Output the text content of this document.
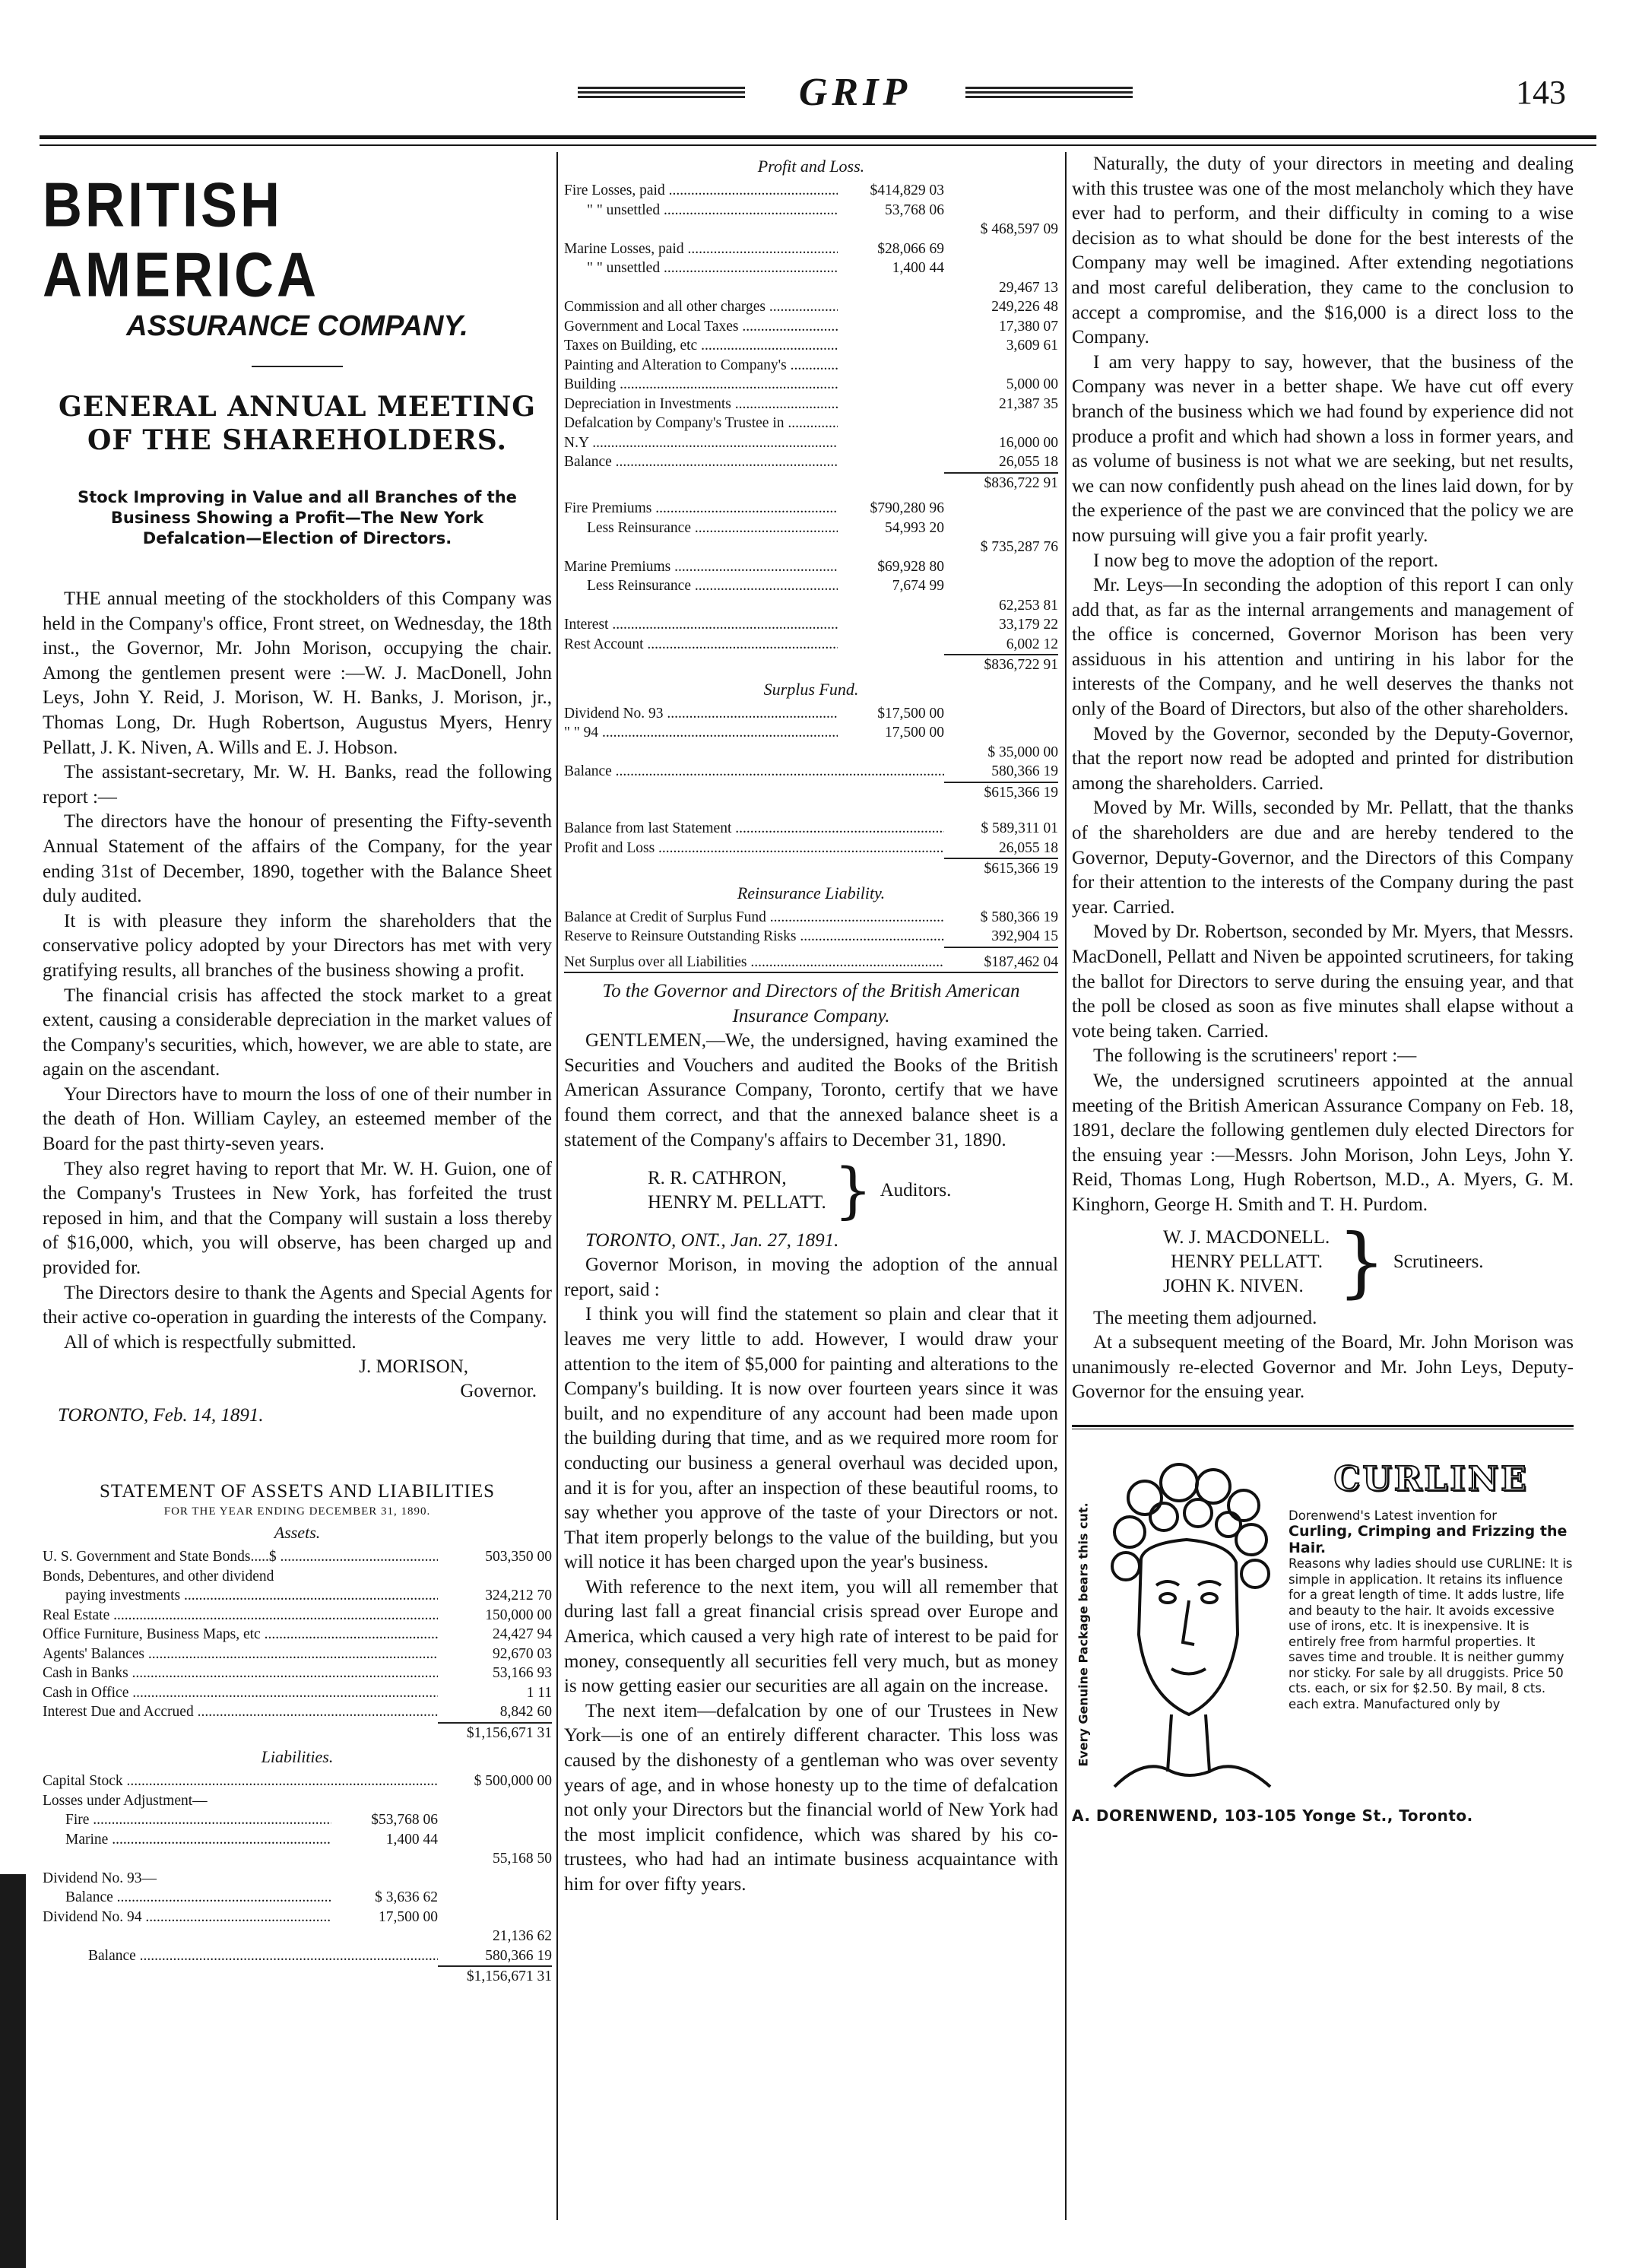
GRIP	143
BRITISH AMERICA
ASSURANCE COMPANY.

GENERAL ANNUAL MEETING

OF THE SHAREHOLDERS.

Stock Improving in Value and all Branches of the Business Showing a Profit—The New York Defalcation—Election of Directors.

THE annual meeting of the stockholders of this Company was held in the Company's office, Front street, on Wednesday, the 18th inst., the Governor, Mr. John Morison, occupying the chair. Among the gentlemen present were :—W. J. MacDonell, John Leys, John Y. Reid, J. Morison, W. H. Banks, J. Morison, jr., Thomas Long, Dr. Hugh Robertson, Augustus Myers, Henry Pellatt, J. K. Niven, A. Wills and E. J. Hobson.

The assistant-secretary, Mr. W. H. Banks, read the following report :—

The directors have the honour of presenting the Fifty-seventh Annual Statement of the affairs of the Company, for the year ending 31st of December, 1890, together with the Balance Sheet duly audited.

It is with pleasure they inform the shareholders that the conservative policy adopted by your Directors has met with very gratifying results, all branches of the business showing a profit.

The financial crisis has affected the stock market to a great extent, causing a considerable depreciation in the market values of the Company's securities, which, however, we are able to state, are again on the ascendant.

Your Directors have to mourn the loss of one of their number in the death of Hon. William Cayley, an esteemed member of the Board for the past thirty-seven years.

They also regret having to report that Mr. W. H. Guion, one of the Company's Trustees in New York, has forfeited the trust reposed in him, and that the Company will sustain a loss thereby of $16,000, which, you will observe, has been charged up and provided for.

The Directors desire to thank the Agents and Special Agents for their active co-operation in guarding the interests of the Company.

All of which is respectfully submitted.

J. MORISON,
Governor.
TORONTO, Feb. 14, 1891.

STATEMENT OF ASSETS AND LIABILITIES

FOR THE YEAR ENDING DECEMBER 31, 1890.

Assets.

U. S. Government and State Bonds.....$ .....	503,350 00
Bonds, Debentures, and other dividend
paying investments .....	324,212 70
Real Estate .....	150,000 00
Office Furniture, Business Maps, etc .....	24,427 94
Agents' Balances .....	92,670 03
Cash in Banks .....	53,166 93
Cash in Office .....	1 11
Interest Due and Accrued .....	8,842 60
$1,156,671 31

Liabilities.

Capital Stock .....	$ 500,000 00
Losses under Adjustment—
Fire .....	$53,768 06
Marine .....	1,400 44
55,168 50
Dividend No. 93—
Balance .....	$ 3,636 62
Dividend No. 94 .....	17,500 00
21,136 62
Balance .....	580,366 19
$1,156,671 31

Profit and Loss.

Fire Losses, paid .....	$414,829 03
" " unsettled .....	53,768 06
$ 468,597 09
Marine Losses, paid .....	$28,066 69
" " unsettled .....	1,400 44
29,467 13
Commission and all other charges .....	249,226 48
Government and Local Taxes .....	17,380 07
Taxes on Building, etc .....	3,609 61
Painting and Alteration to Company's .....
Building .....	5,000 00
Depreciation in Investments .....	21,387 35
Defalcation by Company's Trustee in .....
N.Y .....	16,000 00
Balance .....	26,055 18
$836,722 91
Fire Premiums .....	$790,280 96
Less Reinsurance .....	54,993 20
$ 735,287 76
Marine Premiums .....	$69,928 80
Less Reinsurance .....	7,674 99
62,253 81
Interest .....	33,179 22
Rest Account .....	6,002 12
$836,722 91

Surplus Fund.

Dividend No. 93 .....	$17,500 00
" " 94 .....	17,500 00
$ 35,000 00
Balance .....	580,366 19
$615,366 19
Balance from last Statement .....	$ 589,311 01
Profit and Loss .....	26,055 18
$615,366 19

Reinsurance Liability.

Balance at Credit of Surplus Fund .....	$ 580,366 19
Reserve to Reinsure Outstanding Risks .....	392,904 15
Net Surplus over all Liabilities .....	$187,462 04

To the Governor and Directors of the British American Insurance Company.

GENTLEMEN,—We, the undersigned, having examined the Securities and Vouchers and audited the Books of the British American Assurance Company, Toronto, certify that we have found them correct, and that the annexed balance sheet is a statement of the Company's affairs to December 31, 1890.

R. R. CATHRON,
HENRY M. PELLATT. } Auditors.
TORONTO, ONT., Jan. 27, 1891.

Governor Morison, in moving the adoption of the annual report, said :

I think you will find the statement so plain and clear that it leaves me very little to add. However, I would draw your attention to the item of $5,000 for painting and alterations to the Company's building. It is now over fourteen years since it was built, and no expenditure of any account had been made upon the building during that time, and as we required more room for conducting our business a general overhaul was decided upon, and it is for you, after an inspection of these beautiful rooms, to say whether you approve of the taste of your Directors or not. That item properly belongs to the value of the building, but you will notice it has been charged upon the year's business.

With reference to the next item, you will all remember that during last fall a great financial crisis spread over Europe and America, which caused a very high rate of interest to be paid for money, consequently all securities fell very much, but as money is now getting easier our securities are all again on the increase.

The next item—defalcation by one of our Trustees in New York—is one of an entirely different character. This loss was caused by the dishonesty of a gentleman who was over seventy years of age, and in whose honesty up to the time of defalcation not only your Directors but the financial world of New York had the most implicit confidence, which was shared by his co-trustees, who had had an intimate business acquaintance with him for over fifty years.

Naturally, the duty of your directors in meeting and dealing with this trustee was one of the most melancholy which they have ever had to perform, and their difficulty in coming to a wise decision as to what should be done for the best interests of the Company may well be imagined. After extending negotiations and most careful deliberation, they came to the conclusion to accept a compromise, and the $16,000 is a direct loss to the Company.

I am very happy to say, however, that the business of the Company was never in a better shape. We have cut off every branch of the business which we had found by experience did not produce a profit and which had shown a loss in former years, and as volume of business is not what we are seeking, but net results, we can now confidently push ahead on the lines laid down, for by the experience of the past we are convinced that the policy we are now pursuing will give you a fair profit yearly.

I now beg to move the adoption of the report.

Mr. Leys—In seconding the adoption of this report I can only add that, as far as the internal arrangements and management of the office is concerned, Governor Morison has been very assiduous in his attention and untiring in his labor for the interests of the Company, and he well deserves the thanks not only of the Board of Directors, but also of the other shareholders.

Moved by the Governor, seconded by the Deputy-Governor, that the report now read be adopted and printed for distribution among the shareholders. Carried.

Moved by Mr. Wills, seconded by Mr. Pellatt, that the thanks of the shareholders are due and are hereby tendered to the Governor, Deputy-Governor, and the Directors of this Company for their attention to the interests of the Company during the past year. Carried.

Moved by Dr. Robertson, seconded by Mr. Myers, that Messrs. MacDonell, Pellatt and Niven be appointed scrutineers, for taking the ballot for Directors to serve during the ensuing year, and that the poll be closed as soon as five minutes shall elapse without a vote being taken. Carried.

The following is the scrutineers' report :—

We, the undersigned scrutineers appointed at the annual meeting of the British American Assurance Company on Feb. 18, 1891, declare the following gentlemen duly elected Directors for the ensuing year :—Messrs. John Morison, John Leys, John Y. Reid, Thomas Long, Hugh Robertson, M.D., A. Myers, G. M. Kinghorn, George H. Smith and T. H. Purdom.

W. J. MACDONELL.
HENRY PELLATT.
JOHN K. NIVEN. } Scrutineers.

The meeting them adjourned.

At a subsequent meeting of the Board, Mr. John Morison was unanimously re-elected Governor and Mr. John Leys, Deputy-Governor for the ensuing year.

Every Genuine Package bears this cut.
CURLINE
Dorenwend's Latest invention for
Curling, Crimping and Frizzing the Hair.
Reasons why ladies should use CURLINE: It is simple in application. It retains its influence for a great length of time. It adds lustre, life and beauty to the hair. It avoids excessive use of irons, etc. It is inexpensive. It is entirely free from harmful properties. It saves time and trouble. It is neither gummy nor sticky. For sale by all druggists. Price 50 cts. each, or six for $2.50. By mail, 8 cts. each extra. Manufactured only by
A. DORENWEND, 103-105 Yonge St., Toronto.
